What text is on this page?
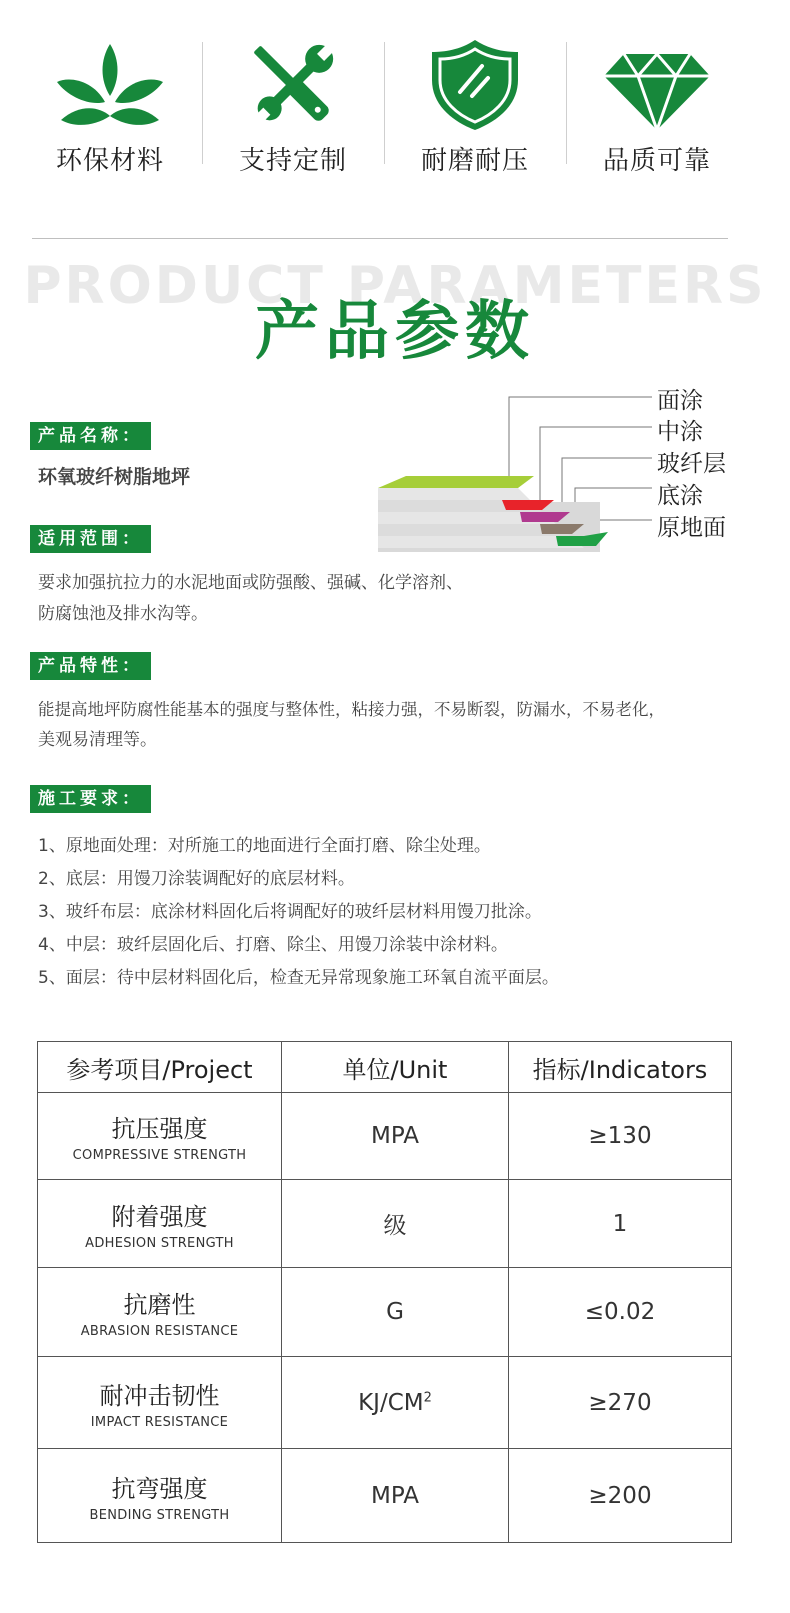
环保材料	支持定制	耐磨耐压	品质可靠
PRODUCT PARAMETERS
产品参数
产品名称：
环氧玻纤树脂地坪
面涂
中涂
玻纤层
底涂
原地面
适用范围：
要求加强抗拉力的水泥地面或防强酸、强碱、化学溶剂、
防腐蚀池及排水沟等。
产品特性：
能提高地坪防腐性能基本的强度与整体性，粘接力强，不易断裂，防漏水，不易老化，
美观易清理等。
施工要求：
1、原地面处理：对所施工的地面进行全面打磨、除尘处理。
2、底层：用馒刀涂装调配好的底层材料。
3、玻纤布层：底涂材料固化后将调配好的玻纤层材料用馒刀批涂。
4、中层：玻纤层固化后、打磨、除尘、用馒刀涂装中涂材料。
5、面层：待中层材料固化后，检查无异常现象施工环氧自流平面层。
参考项目/Project	单位/Unit	指标/Indicators

抗压强度
COMPRESSIVE STRENGTH	MPA	≥130

附着强度
ADHESION STRENGTH	级	1

抗磨性
ABRASION RESISTANCE	G	≤0.02

耐冲击韧性
IMPACT RESISTANCE	$KJ/CM^2$	≥270

抗弯强度
BENDING STRENGTH	MPA	≥200
